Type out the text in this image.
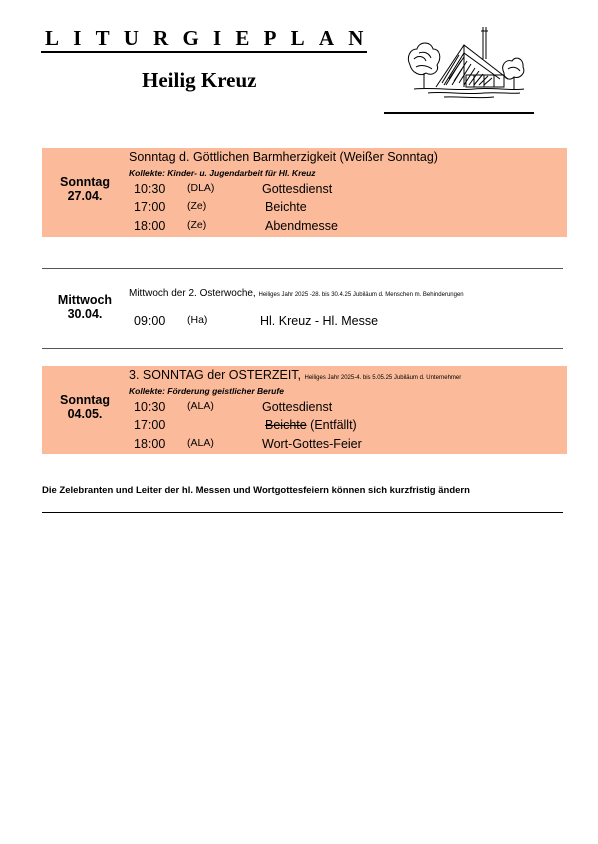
LITURGIEPLAN
Heilig Kreuz
Sonntag
27.04.
Sonntag d. Göttlichen Barmherzigkeit (Weißer Sonntag)
Kollekte: Kinder- u. Jugendarbeit für Hl. Kreuz
10:30 (DLA)	Gottesdienst
17:00 (Ze)	Beichte
18:00 (Ze)	Abendmesse
Mittwoch
30.04.
Mittwoch der 2. Osterwoche, Heiliges Jahr 2025 -28. bis 30.4.25 Jubiläum d. Menschen m. Behinderungen
09:00 (Ha)	Hl. Kreuz - Hl. Messe
Sonntag
04.05.
3. SONNTAG der OSTERZEIT, Heiliges Jahr 2025-4. bis 5.05.25 Jubiläum d. Unternehmer
Kollekte: Förderung geistlicher Berufe
10:30 (ALA)	Gottesdienst
17:00	Beichte (Entfällt)
18:00 (ALA)	Wort-Gottes-Feier
Die Zelebranten und Leiter der hl. Messen und Wortgottesfeiern können sich kurzfristig ändern
